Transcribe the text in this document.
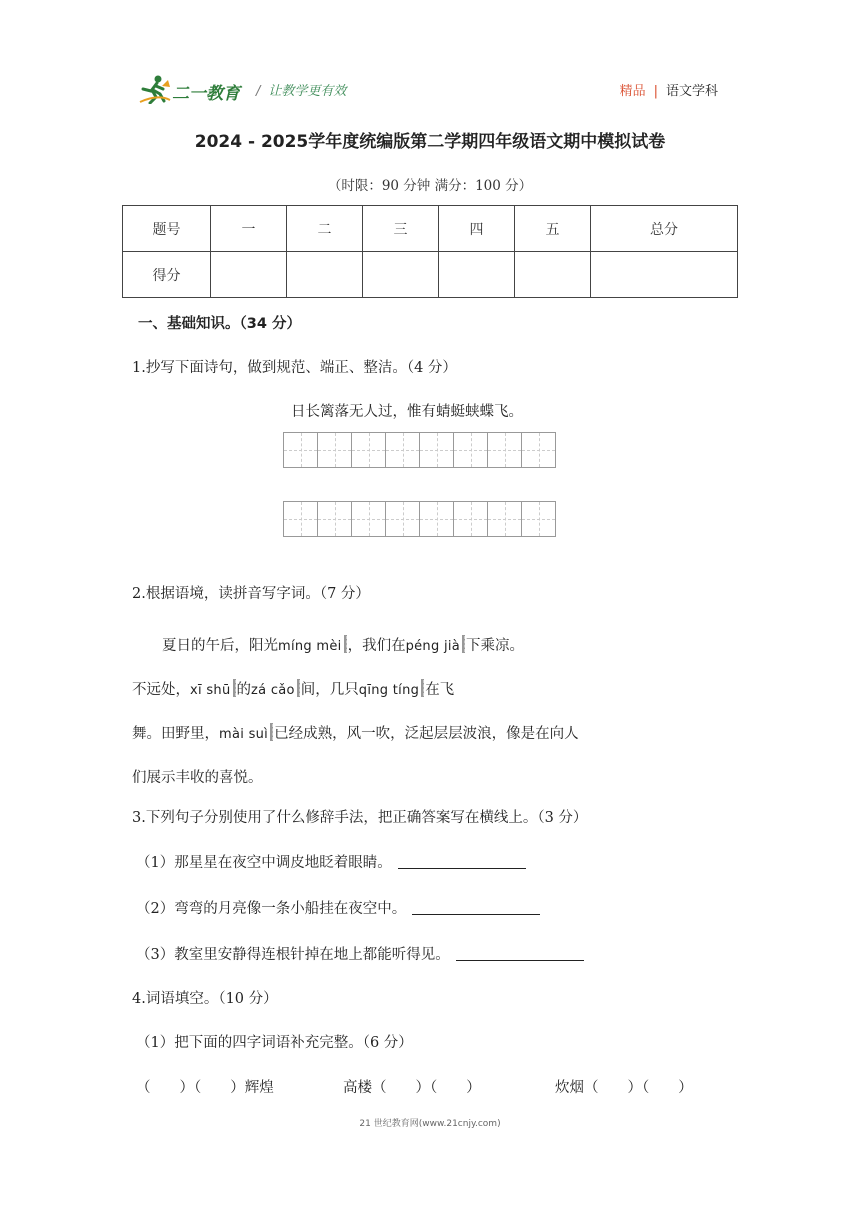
二一教育 / 让教学更有效	精品 | 语文学科
2024 - 2025学年度统编版第二学期四年级语文期中模拟试卷
（时限：90 分钟 满分：100 分）
题号	一	二	三	四	五	总分
得分						
一、基础知识。（34 分）
1.抄写下面诗句，做到规范、端正、整洁。（4 分）
日长篱落无人过，惟有蜻蜓蛱蝶飞。
2.根据语境，读拼音写字词。（7 分）
夏日的午后，阳光míng mèi ，我们在péng jià 下乘凉。
不远处，xī shū 的zá cǎo 间，几只qīng tíng 在飞
舞。田野里，mài suì 已经成熟，风一吹，泛起层层波浪，像是在向人
们展示丰收的喜悦。
3.下列句子分别使用了什么修辞手法，把正确答案写在横线上。（3 分）
（1）那星星在夜空中调皮地眨着眼睛。
（2）弯弯的月亮像一条小船挂在夜空中。
（3）教室里安静得连根针掉在地上都能听得见。
4.词语填空。（10 分）
（1）把下面的四字词语补充完整。（6 分）
（　　）（　　）辉煌	高楼（　　）（　　）	炊烟（　　）（　　）
21 世纪教育网(www.21cnjy.com)
